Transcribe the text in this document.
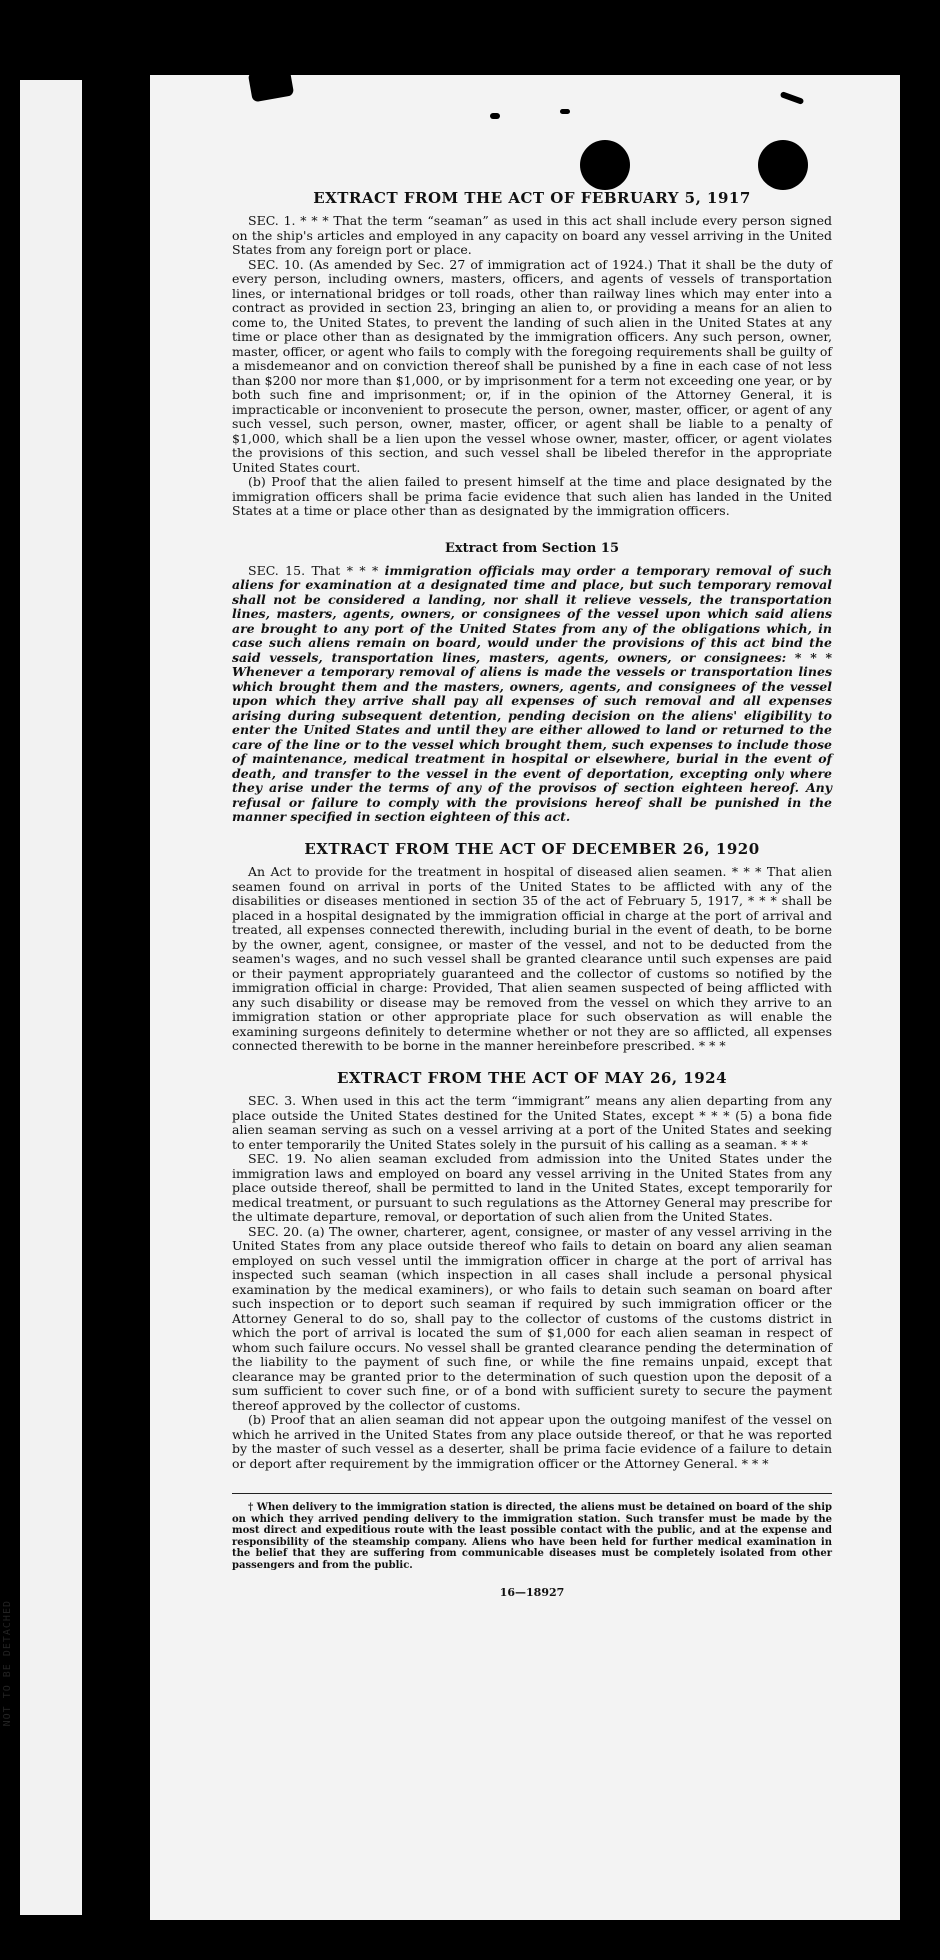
NOT TO BE DETACHED
EXTRACT FROM THE ACT OF FEBRUARY 5, 1917

SEC. 1. * * * That the term “seaman” as used in this act shall include every person signed on the ship's articles and employed in any capacity on board any vessel arriving in the United States from any foreign port or place.

SEC. 10. (As amended by Sec. 27 of immigration act of 1924.) That it shall be the duty of every person, including owners, masters, officers, and agents of vessels of transportation lines, or international bridges or toll roads, other than railway lines which may enter into a contract as provided in section 23, bringing an alien to, or providing a means for an alien to come to, the United States, to prevent the landing of such alien in the United States at any time or place other than as designated by the immigration officers. Any such person, owner, master, officer, or agent who fails to comply with the foregoing requirements shall be guilty of a misdemeanor and on conviction thereof shall be punished by a fine in each case of not less than $200 nor more than $1,000, or by imprisonment for a term not exceeding one year, or by both such fine and imprisonment; or, if in the opinion of the Attorney General, it is impracticable or inconvenient to prosecute the person, owner, master, officer, or agent of any such vessel, such person, owner, master, officer, or agent shall be liable to a penalty of $1,000, which shall be a lien upon the vessel whose owner, master, officer, or agent violates the provisions of this section, and such vessel shall be libeled therefor in the appropriate United States court.

(b) Proof that the alien failed to present himself at the time and place designated by the immigration officers shall be prima facie evidence that such alien has landed in the United States at a time or place other than as designated by the immigration officers.

Extract from Section 15

SEC. 15. That * * * immigration officials may order a temporary removal of such aliens for examination at a designated time and place, but such temporary removal shall not be considered a landing, nor shall it relieve vessels, the transportation lines, masters, agents, owners, or consignees of the vessel upon which said aliens are brought to any port of the United States from any of the obligations which, in case such aliens remain on board, would under the provisions of this act bind the said vessels, transportation lines, masters, agents, owners, or consignees: * * * Whenever a temporary removal of aliens is made the vessels or transportation lines which brought them and the masters, owners, agents, and consignees of the vessel upon which they arrive shall pay all expenses of such removal and all expenses arising during subsequent detention, pending decision on the aliens' eligibility to enter the United States and until they are either allowed to land or returned to the care of the line or to the vessel which brought them, such expenses to include those of maintenance, medical treatment in hospital or elsewhere, burial in the event of death, and transfer to the vessel in the event of deportation, excepting only where they arise under the terms of any of the provisos of section eighteen hereof. Any refusal or failure to comply with the provisions hereof shall be punished in the manner specified in section eighteen of this act.

EXTRACT FROM THE ACT OF DECEMBER 26, 1920

An Act to provide for the treatment in hospital of diseased alien seamen. * * * That alien seamen found on arrival in ports of the United States to be afflicted with any of the disabilities or diseases mentioned in section 35 of the act of February 5, 1917, * * * shall be placed in a hospital designated by the immigration official in charge at the port of arrival and treated, all expenses connected therewith, including burial in the event of death, to be borne by the owner, agent, consignee, or master of the vessel, and not to be deducted from the seamen's wages, and no such vessel shall be granted clearance until such expenses are paid or their payment appropriately guaranteed and the collector of customs so notified by the immigration official in charge: Provided, That alien seamen suspected of being afflicted with any such disability or disease may be removed from the vessel on which they arrive to an immigration station or other appropriate place for such observation as will enable the examining surgeons definitely to determine whether or not they are so afflicted, all expenses connected therewith to be borne in the manner hereinbefore prescribed. * * *

EXTRACT FROM THE ACT OF MAY 26, 1924

SEC. 3. When used in this act the term “immigrant” means any alien departing from any place outside the United States destined for the United States, except * * * (5) a bona fide alien seaman serving as such on a vessel arriving at a port of the United States and seeking to enter temporarily the United States solely in the pursuit of his calling as a seaman. * * *

SEC. 19. No alien seaman excluded from admission into the United States under the immigration laws and employed on board any vessel arriving in the United States from any place outside thereof, shall be permitted to land in the United States, except temporarily for medical treatment, or pursuant to such regulations as the Attorney General may prescribe for the ultimate departure, removal, or deportation of such alien from the United States.

SEC. 20. (a) The owner, charterer, agent, consignee, or master of any vessel arriving in the United States from any place outside thereof who fails to detain on board any alien seaman employed on such vessel until the immigration officer in charge at the port of arrival has inspected such seaman (which inspection in all cases shall include a personal physical examination by the medical examiners), or who fails to detain such seaman on board after such inspection or to deport such seaman if required by such immigration officer or the Attorney General to do so, shall pay to the collector of customs of the customs district in which the port of arrival is located the sum of $1,000 for each alien seaman in respect of whom such failure occurs. No vessel shall be granted clearance pending the determination of the liability to the payment of such fine, or while the fine remains unpaid, except that clearance may be granted prior to the determination of such question upon the deposit of a sum sufficient to cover such fine, or of a bond with sufficient surety to secure the payment thereof approved by the collector of customs.

(b) Proof that an alien seaman did not appear upon the outgoing manifest of the vessel on which he arrived in the United States from any place outside thereof, or that he was reported by the master of such vessel as a deserter, shall be prima facie evidence of a failure to detain or deport after requirement by the immigration officer or the Attorney General. * * *

† When delivery to the immigration station is directed, the aliens must be detained on board of the ship on which they arrived pending delivery to the immigration station. Such transfer must be made by the most direct and expeditious route with the least possible contact with the public, and at the expense and responsibility of the steamship company. Aliens who have been held for further medical examination in the belief that they are suffering from communicable diseases must be completely isolated from other passengers and from the public.

16—18927
